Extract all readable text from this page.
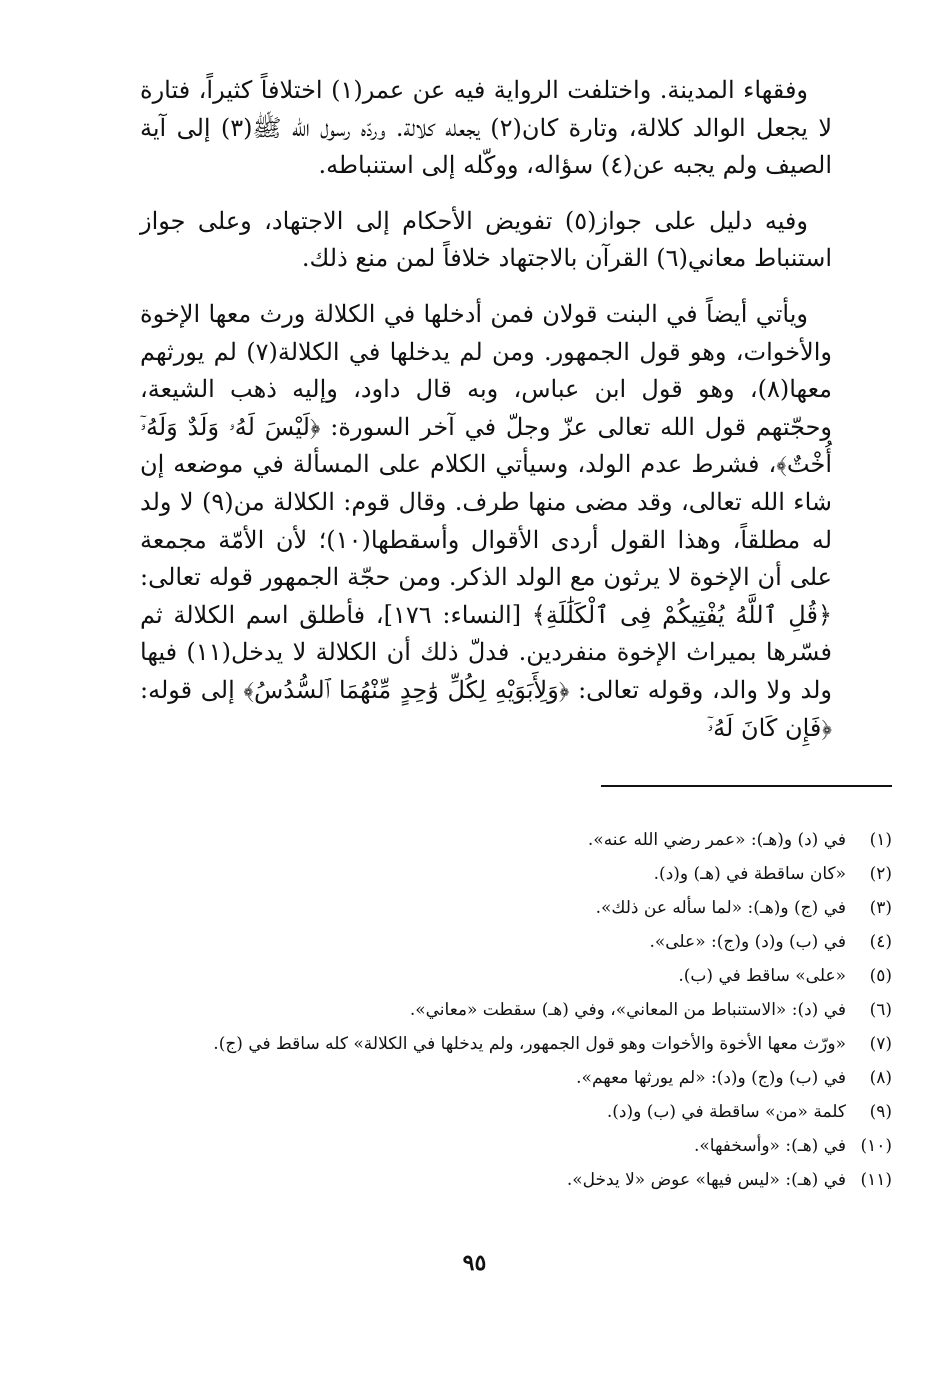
وفقهاء المدينة. واختلفت الرواية فيه عن عمر(١) اختلافاً كثيراً، فتارة لا يجعل الوالد كلالة، وتارة كان(٢) يجعله كلالة. وردّه رسول الله ﷺ(٣) إلى آية الصيف ولم يجبه عن(٤) سؤاله، ووكّله إلى استنباطه.

وفيه دليل على جواز(٥) تفويض الأحكام إلى الاجتهاد، وعلى جواز استنباط معاني(٦) القرآن بالاجتهاد خلافاً لمن منع ذلك.

ويأتي أيضاً في البنت قولان فمن أدخلها في الكلالة ورث معها الإخوة والأخوات، وهو قول الجمهور. ومن لم يدخلها في الكلالة(٧) لم يورثهم معها(٨)، وهو قول ابن عباس، وبه قال داود، وإليه ذهب الشيعة، وحجّتهم قول الله تعالى عزّ وجلّ في آخر السورة: ﴿لَيْسَ لَهُۥ وَلَدٌ وَلَهُۥٓ أُخْتٌ﴾، فشرط عدم الولد، وسيأتي الكلام على المسألة في موضعه إن شاء الله تعالى، وقد مضى منها طرف. وقال قوم: الكلالة من(٩) لا ولد له مطلقاً، وهذا القول أردى الأقوال وأسقطها(١٠)؛ لأن الأمّة مجمعة على أن الإخوة لا يرثون مع الولد الذكر. ومن حجّة الجمهور قوله تعالى: ﴿قُلِ ٱللَّهُ يُفْتِيكُمْ فِى ٱلْكَلَٰلَةِ﴾ [النساء: ١٧٦]، فأطلق اسم الكلالة ثم فسّرها بميراث الإخوة منفردين. فدلّ ذلك أن الكلالة لا يدخل(١١) فيها ولد ولا والد، وقوله تعالى: ﴿وَلِأَبَوَيْهِ لِكُلِّ وَٰحِدٍ مِّنْهُمَا ٱلسُّدُسُ﴾ إلى قوله: ﴿فَإِن كَانَ لَهُۥٓ

(١)
في (د) و(هـ): «عمر رضي الله عنه».
(٢)
«كان ساقطة في (هـ) و(د).
(٣)
في (ج) و(هـ): «لما سأله عن ذلك».
(٤)
في (ب) و(د) و(ج): «على».
(٥)
«على» ساقط في (ب).
(٦)
في (د): «الاستنباط من المعاني»، وفي (هـ) سقطت «معاني».
(٧)
«ورّث معها الأخوة والأخوات وهو قول الجمهور، ولم يدخلها في الكلالة» كله ساقط في (ج).
(٨)
في (ب) و(ج) و(د): «لم يورثها معهم».
(٩)
كلمة «من» ساقطة في (ب) و(د).
(١٠)
في (هـ): «وأسخفها».
(١١)
في (هـ): «ليس فيها» عوض «لا يدخل».
٩٥
